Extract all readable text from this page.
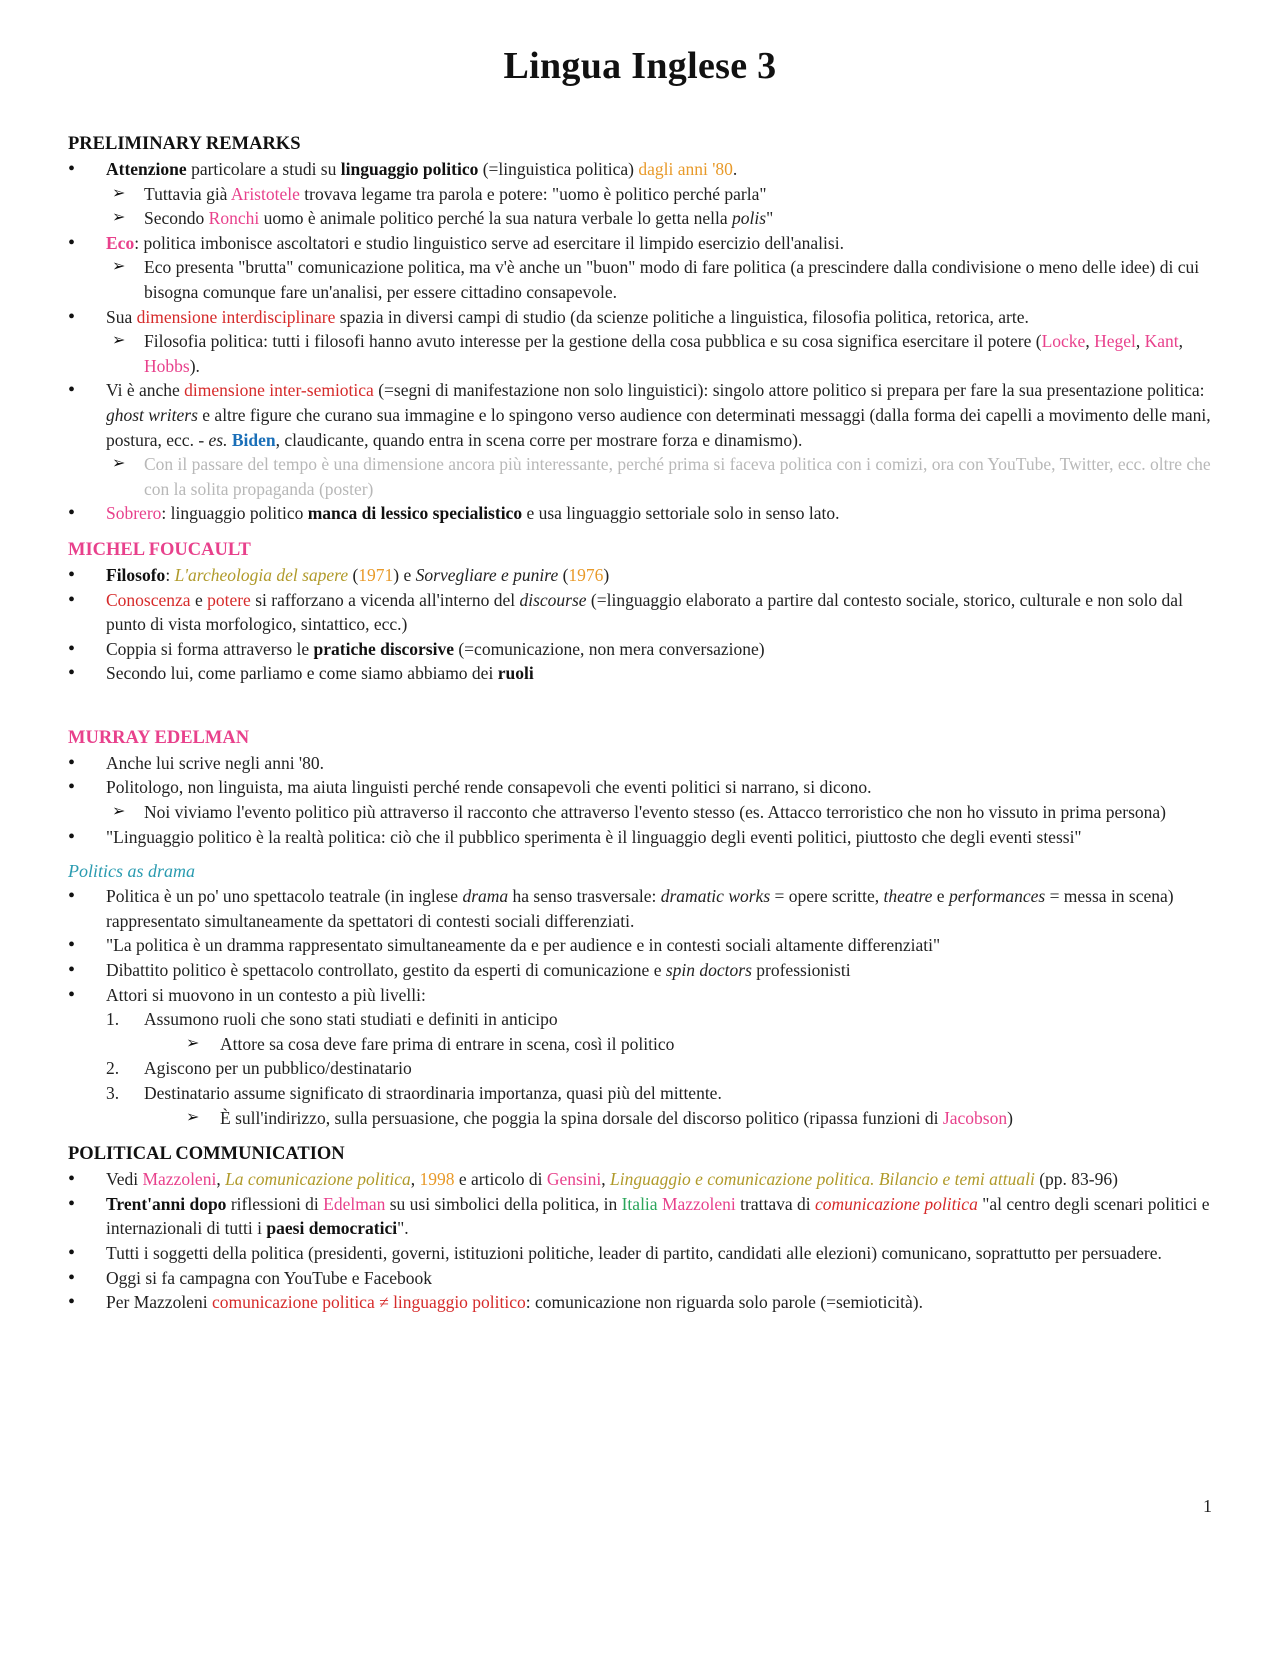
Lingua Inglese 3
PRELIMINARY REMARKS
• Attenzione particolare a studi su linguaggio politico (=linguistica politica) dagli anni '80.
➢ Tuttavia già Aristotele trovava legame tra parola e potere: "uomo è politico perché parla"
➢ Secondo Ronchi uomo è animale politico perché la sua natura verbale lo getta nella polis"
• Eco: politica imbonisce ascoltatori e studio linguistico serve ad esercitare il limpido esercizio dell'analisi.
➢ Eco presenta "brutta" comunicazione politica, ma v'è anche un "buon" modo di fare politica (a prescindere dalla condivisione o meno delle idee) di cui bisogna comunque fare un'analisi, per essere cittadino consapevole.
• Sua dimensione interdisciplinare spazia in diversi campi di studio (da scienze politiche a linguistica, filosofia politica, retorica, arte.
➢ Filosofia politica: tutti i filosofi hanno avuto interesse per la gestione della cosa pubblica e su cosa significa esercitare il potere (Locke, Hegel, Kant, Hobbs).
• Vi è anche dimensione inter-semiotica (=segni di manifestazione non solo linguistici): singolo attore politico si prepara per fare la sua presentazione politica: ghost writers e altre figure che curano sua immagine e lo spingono verso audience con determinati messaggi (dalla forma dei capelli a movimento delle mani, postura, ecc. - es. Biden, claudicante, quando entra in scena corre per mostrare forza e dinamismo).
➢ Con il passare del tempo è una dimensione ancora più interessante, perché prima si faceva politica con i comizi, ora con YouTube, Twitter, ecc. oltre che con la solita propaganda (poster)
• Sobrero: linguaggio politico manca di lessico specialistico e usa linguaggio settoriale solo in senso lato.
MICHEL FOUCAULT
• Filosofo: L'archeologia del sapere (1971) e Sorvegliare e punire (1976)
• Conoscenza e potere si rafforzano a vicenda all'interno del discourse (=linguaggio elaborato a partire dal contesto sociale, storico, culturale e non solo dal punto di vista morfologico, sintattico, ecc.)
• Coppia si forma attraverso le pratiche discorsive (=comunicazione, non mera conversazione)
• Secondo lui, come parliamo e come siamo abbiamo dei ruoli
MURRAY EDELMAN
• Anche lui scrive negli anni '80.
• Politologo, non linguista, ma aiuta linguisti perché rende consapevoli che eventi politici si narrano, si dicono.
➢ Noi viviamo l'evento politico più attraverso il racconto che attraverso l'evento stesso (es. Attacco terroristico che non ho vissuto in prima persona)
• "Linguaggio politico è la realtà politica: ciò che il pubblico sperimenta è il linguaggio degli eventi politici, piuttosto che degli eventi stessi"
Politics as drama
• Politica è un po' uno spettacolo teatrale (in inglese drama ha senso trasversale: dramatic works = opere scritte, theatre e performances = messa in scena) rappresentato simultaneamente da spettatori di contesti sociali differenziati.
• "La politica è un dramma rappresentato simultaneamente da e per audience e in contesti sociali altamente differenziati"
• Dibattito politico è spettacolo controllato, gestito da esperti di comunicazione e spin doctors professionisti
• Attori si muovono in un contesto a più livelli:
1. Assumono ruoli che sono stati studiati e definiti in anticipo
➢ Attore sa cosa deve fare prima di entrare in scena, così il politico
2. Agiscono per un pubblico/destinatario
3. Destinatario assume significato di straordinaria importanza, quasi più del mittente.
➢ È sull'indirizzo, sulla persuasione, che poggia la spina dorsale del discorso politico (ripassa funzioni di Jacobson)
POLITICAL COMMUNICATION
• Vedi Mazzoleni, La comunicazione politica, 1998 e articolo di Gensini, Linguaggio e comunicazione politica. Bilancio e temi attuali (pp. 83-96)
• Trent'anni dopo riflessioni di Edelman su usi simbolici della politica, in Italia Mazzoleni trattava di comunicazione politica "al centro degli scenari politici e internazionali di tutti i paesi democratici".
• Tutti i soggetti della politica (presidenti, governi, istituzioni politiche, leader di partito, candidati alle elezioni) comunicano, soprattutto per persuadere.
• Oggi si fa campagna con YouTube e Facebook
• Per Mazzoleni comunicazione politica ≠ linguaggio politico: comunicazione non riguarda solo parole (=semioticità).
1
